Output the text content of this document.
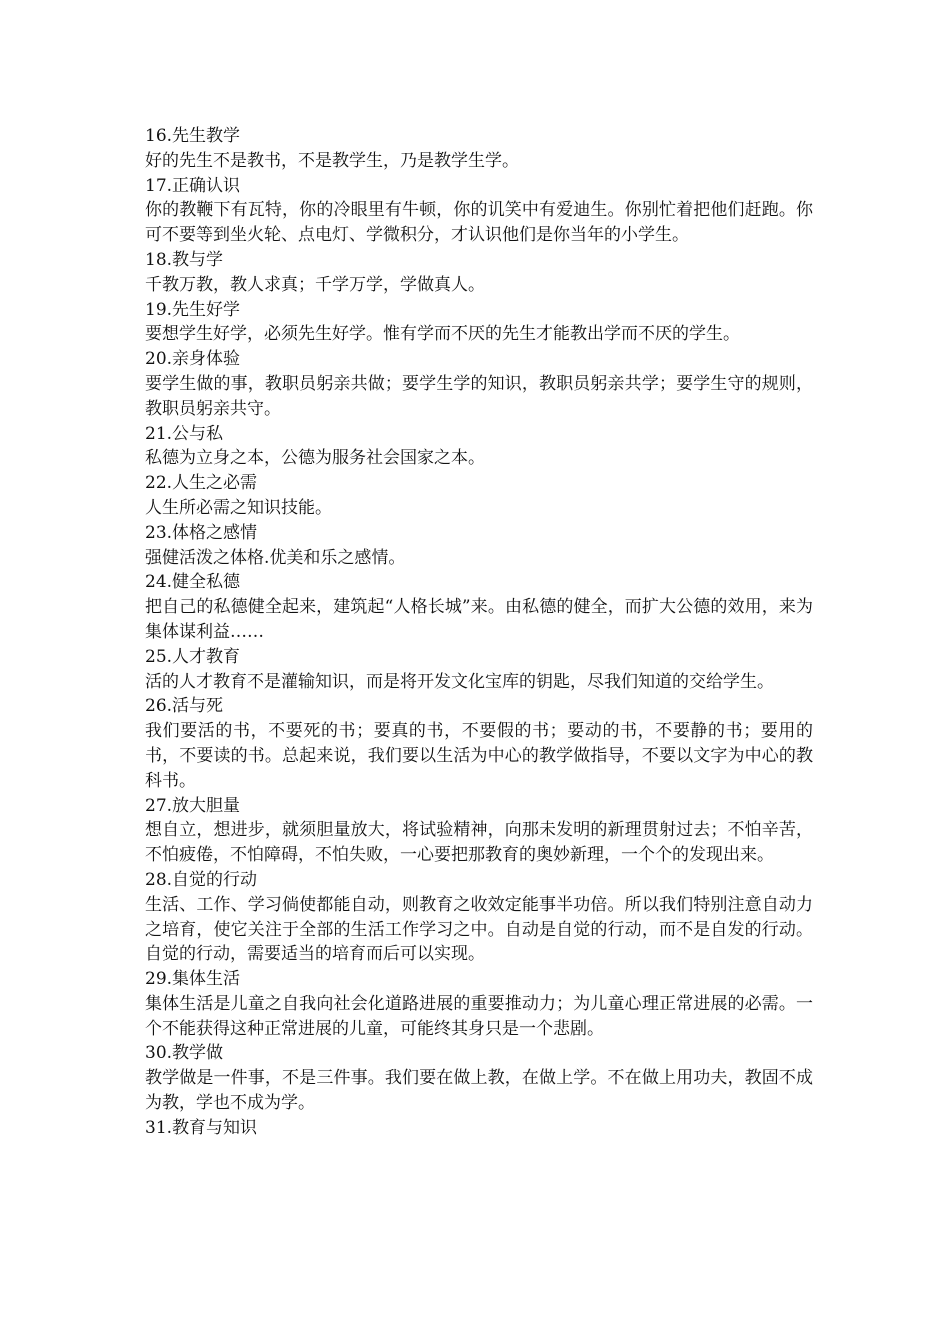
16.先生教学
好的先生不是教书，不是教学生，乃是教学生学。
17.正确认识
你的教鞭下有瓦特，你的冷眼里有牛顿，你的讥笑中有爱迪生。你别忙着把他们赶跑。你可不要等到坐火轮、点电灯、学微积分，才认识他们是你当年的小学生。
18.教与学
千教万教，教人求真；千学万学，学做真人。
19.先生好学
要想学生好学，必须先生好学。惟有学而不厌的先生才能教出学而不厌的学生。
20.亲身体验
要学生做的事，教职员躬亲共做；要学生学的知识，教职员躬亲共学；要学生守的规则，教职员躬亲共守。
21.公与私
私德为立身之本，公德为服务社会国家之本。
22.人生之必需
人生所必需之知识技能。
23.体格之感情
强健活泼之体格.优美和乐之感情。
24.健全私德
把自己的私德健全起来，建筑起“人格长城”来。由私德的健全，而扩大公德的效用，来为集体谋利益……
25.人才教育
活的人才教育不是灌输知识，而是将开发文化宝库的钥匙，尽我们知道的交给学生。
26.活与死
我们要活的书，不要死的书；要真的书，不要假的书；要动的书，不要静的书；要用的书，不要读的书。总起来说，我们要以生活为中心的教学做指导，不要以文字为中心的教科书。
27.放大胆量
想自立，想进步，就须胆量放大，将试验精神，向那未发明的新理贯射过去；不怕辛苦，不怕疲倦，不怕障碍，不怕失败，一心要把那教育的奥妙新理，一个个的发现出来。
28.自觉的行动
生活、工作、学习倘使都能自动，则教育之收效定能事半功倍。所以我们特别注意自动力之培育，使它关注于全部的生活工作学习之中。自动是自觉的行动，而不是自发的行动。自觉的行动，需要适当的培育而后可以实现。
29.集体生活
集体生活是儿童之自我向社会化道路进展的重要推动力；为儿童心理正常进展的必需。一个不能获得这种正常进展的儿童，可能终其身只是一个悲剧。
30.教学做
教学做是一件事，不是三件事。我们要在做上教，在做上学。不在做上用功夫，教固不成为教，学也不成为学。
31.教育与知识
